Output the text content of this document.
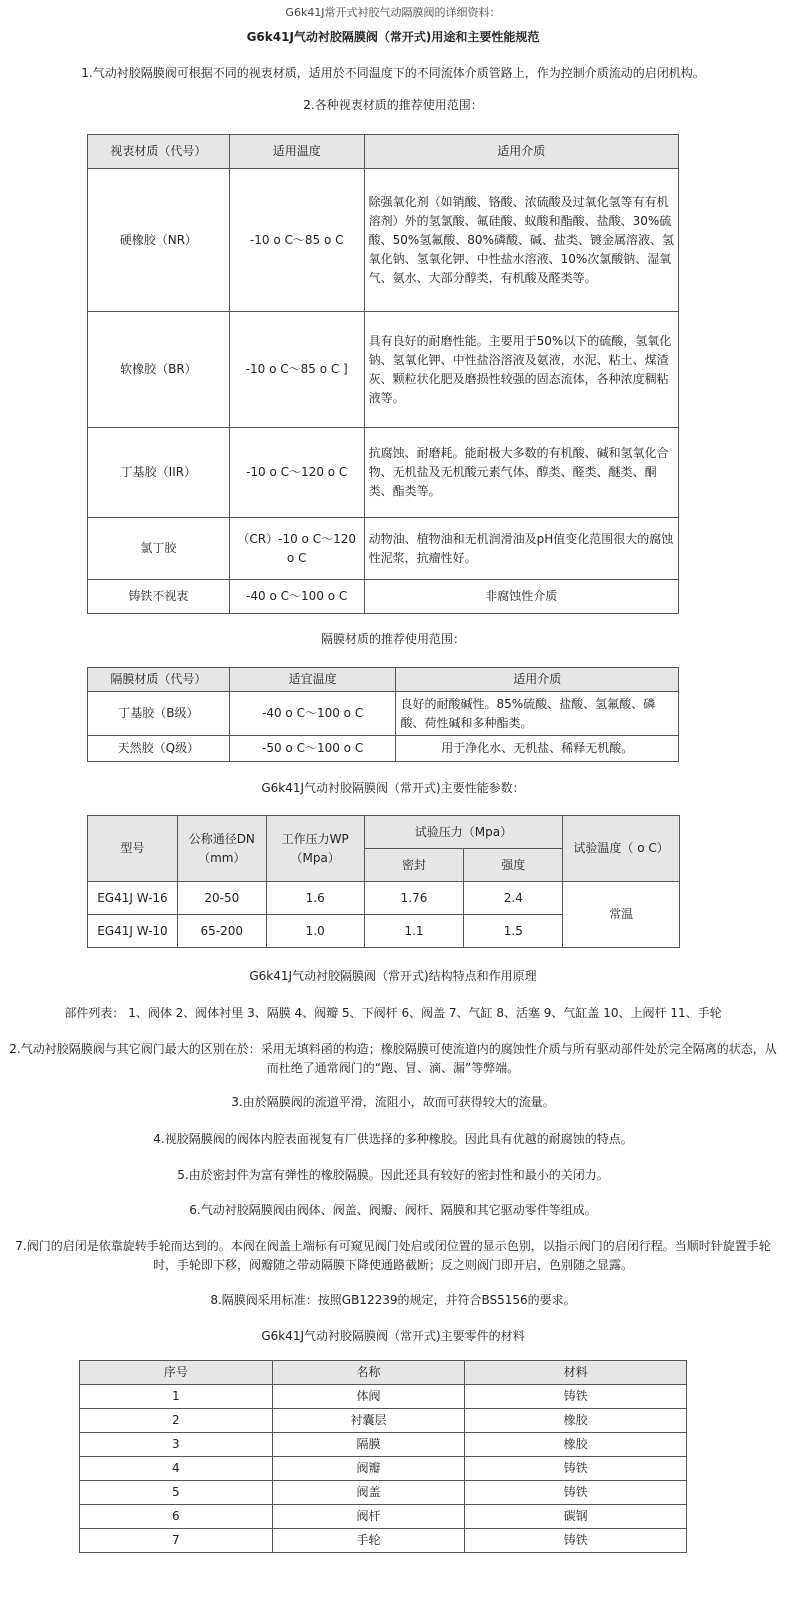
G6k41J常开式衬胶气动隔膜阀的详细资料：
G6k41J气动衬胶隔膜阀（常开式)用途和主要性能规范
1.气动衬胶隔膜阀可根据不同的视衷材质，适用於不同温度下的不同流体介质管路上，作为控制介质流动的启闭机构。
2.各种视衷材质的推荐使用范围：
视衷材质（代号）	适用温度	适用介质
硬橡胶（NR）	-10 o C～85 o C	除强氧化剂（如销酸、铬酸、浓硫酸及过氧化氢等有有机溶剂）外的氢氯酸、氟硅酸、蚁酸和酯酸、盐酸、30%硫酸、50%氢氟酸、80%磷酸、碱、盐类、镀金属溶液、氢氧化钠、氢氧化钾、中性盐水溶液、10%次氯酸钠、湿氧气、氨水、大部分醇类，有机酸及醛类等。
软橡胶（BR）	-10 o C～85 o C ]	具有良好的耐磨性能。主要用于50%以下的硫酸，氢氧化钠、氢氧化钾、中性盐浴溶液及氨液，水泥、粘土、煤渣灰、颗粒状化肥及磨损性较强的固态流体，各种浓度稠粘液等。
丁基胶（IIR）	-10 o C～120 o C	抗腐蚀、耐磨耗。能耐极大多数的有机酸、碱和氢氧化合物、无机盐及无机酸元素气体、醇类、醛类、醚类、酮类、酯类等。
氯丁胶	（CR）-10 o C～120 o C	动物油、植物油和无机润滑油及pH值变化范围很大的腐蚀性泥浆，抗瘤性好。
铸铁不视衷	-40 o C～100 o C	非腐蚀性介质
隔膜材质的推荐使用范围：
隔膜材质（代号）	适宜温度	适用介质
丁基胶（B级）	-40 o C～100 o C	良好的耐酸碱性。85%硫酸、盐酸、氢氟酸、磷酸、荷性碱和多种酯类。
天然胶（Q级）	-50 o C～100 o C	用于净化水、无机盐、稀释无机酸。
G6k41J气动衬胶隔膜阀（常开式)主要性能参数：
型号	公称通径DN（mm）	工作压力WP（Mpa）	试验压力（Mpa）		试验温度（ o C）
			密封	强度	
EG41J W-16	20-50	1.6	1.76	2.4	常温
EG41J W-10	65-200	1.0	1.1	1.5	
G6k41J气动衬胶隔膜阀（常开式)结构特点和作用原理
部件列表： 1、阀体 2、阀体衬里 3、隔膜 4、阀瓣 5、下阀杆 6、阀盖 7、气缸 8、活塞 9、气缸盖 10、上阀杆 11、手轮
2.气动衬胶隔膜阀与其它阀门最大的区别在於：采用无填料函的构造；橡胶隔膜可使流道内的腐蚀性介质与所有驱动部件处於完全隔离的状态，从而杜绝了通常阀门的“跑、冒、滴、漏”等弊端。
3.由於隔膜阀的流道平滑，流阻小，故而可获得较大的流量。
4.视胶隔膜阀的阀体内腔表面视复有厂供选择的多种橡胶。因此具有优越的耐腐蚀的特点。
5.由於密封件为富有弹性的橡胶隔膜。因此还具有较好的密封性和最小的关闭力。
6.气动衬胶隔膜阀由阀体、阀盖、阀瓣、阀杆、隔膜和其它驱动零件等组成。
7.阀门的启闭是依靠旋转手轮而达到的。本阀在阀盖上端标有可窥见阀门处启或闭位置的显示色别，以指示阀门的启闭行程。当顺时针旋置手轮时，手轮即下移，阀瓣随之带动隔膜下降使通路截断；反之则阀门即开启，色别随之显露。
8.隔膜阀采用标准：按照GB12239的规定，并符合BS5156的要求。
G6k41J气动衬胶隔膜阀（常开式)主要零件的材料
序号	名称	材料
1	体阀	铸铁
2	衬囊层	橡胶
3	隔膜	橡胶
4	阀瓣	铸铁
5	阀盖	铸铁
6	阀杆	碳钢
7	手轮	铸铁
